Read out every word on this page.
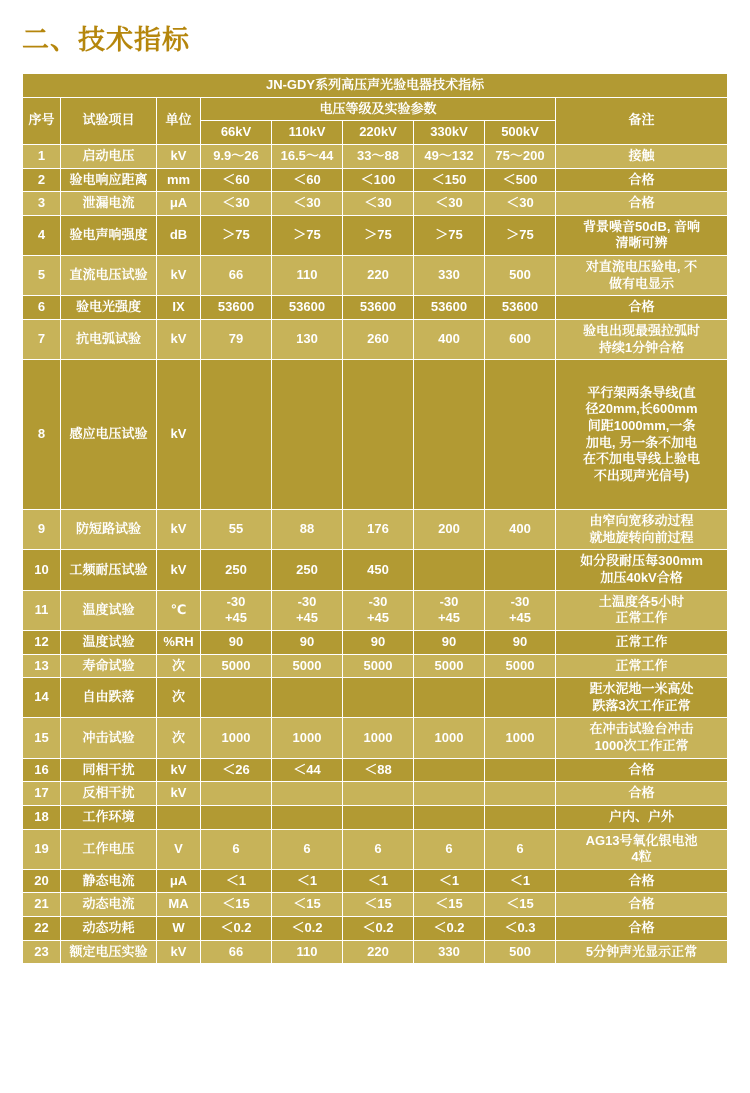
二、技术指标
JN-GDY系列高压声光验电器技术指标								
序号	试验项目	单位	电压等级及实验参数					备注
			66kV	110kV	220kV	330kV	500kV	
1	启动电压	kV	9.9～26	16.5～44	33～88	49～132	75～200	接触
2	验电响应距离	mm	＜60	＜60	＜100	＜150	＜500	合格
3	泄漏电流	μA	＜30	＜30	＜30	＜30	＜30	合格
4	验电声响强度	dB	＞75	＞75	＞75	＞75	＞75	背景噪音50dB, 音响
清晰可辨
5	直流电压试验	kV	66	110	220	330	500	对直流电压验电, 不
做有电显示
6	验电光强度	IX	53600	53600	53600	53600	53600	合格
7	抗电弧试验	kV	79	130	260	400	600	验电出现最强拉弧时
持续1分钟合格
8	感应电压试验	kV						平行架两条导线(直
径20mm,长600mm
间距1000mm,一条
加电, 另一条不加电
在不加电导线上验电
不出现声光信号)
9	防短路试验	kV	55	88	176	200	400	由窄向宽移动过程
就地旋转向前过程
10	工频耐压试验	kV	250	250	450			如分段耐压每300mm
加压40kV合格
11	温度试验	℃	-30
+45	-30
+45	-30
+45	-30
+45	-30
+45	土温度各5小时
正常工作
12	温度试验	%RH	90	90	90	90	90	正常工作
13	寿命试验	次	5000	5000	5000	5000	5000	正常工作
14	自由跌落	次						距水泥地一米高处
跌落3次工作正常
15	冲击试验	次	1000	1000	1000	1000	1000	在冲击试验台冲击
1000次工作正常
16	同相干扰	kV	＜26	＜44	＜88			合格
17	反相干扰	kV						合格
18	工作环境							户内、户外
19	工作电压	V	6	6	6	6	6	AG13号氧化银电池
4粒
20	静态电流	μA	＜1	＜1	＜1	＜1	＜1	合格
21	动态电流	MA	＜15	＜15	＜15	＜15	＜15	合格
22	动态功耗	W	＜0.2	＜0.2	＜0.2	＜0.2	＜0.3	合格
23	额定电压实验	kV	66	110	220	330	500	5分钟声光显示正常
